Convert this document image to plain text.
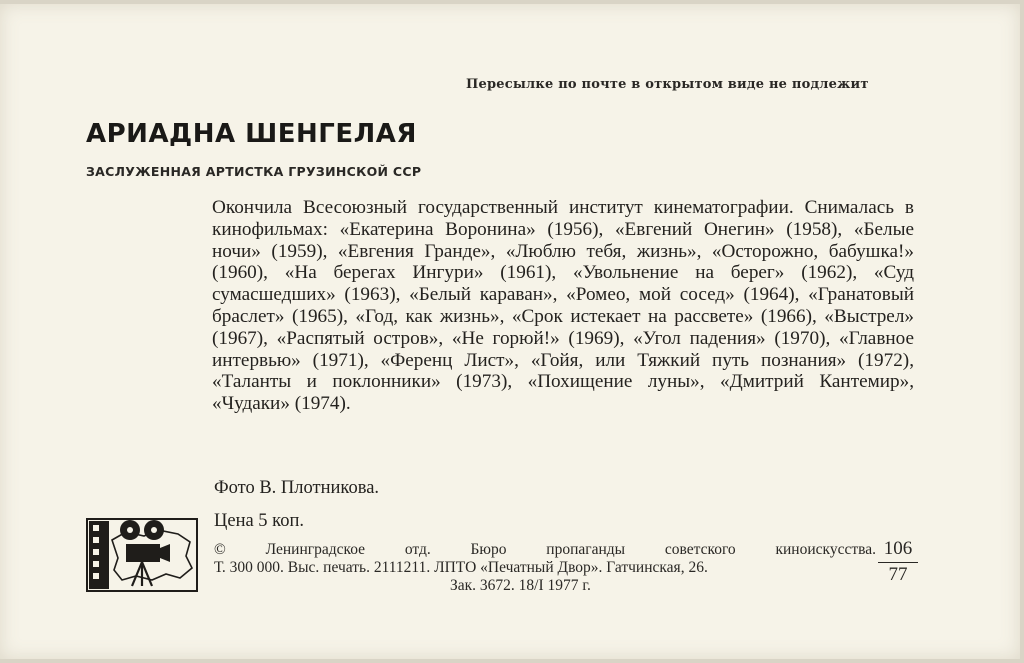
Пересылке по почте в открытом виде не подлежит
АРИАДНА ШЕНГЕЛАЯ
ЗАСЛУЖЕННАЯ АРТИСТКА ГРУЗИНСКОЙ ССР
Окончила Всесоюзный государственный институт кинематографии. Снималась в кинофильмах: «Екатерина Воронина» (1956), «Евгений Онегин» (1958), «Белые ночи» (1959), «Евгения Гранде», «Люблю тебя, жизнь», «Осторожно, бабушка!» (1960), «На берегах Ингури» (1961), «Увольнение на берег» (1962), «Суд сумасшедших» (1963), «Белый караван», «Ромео, мой сосед» (1964), «Гранатовый браслет» (1965), «Год, как жизнь», «Срок истекает на рассвете» (1966), «Выстрел» (1967), «Распятый остров», «Не горюй!» (1969), «Угол падения» (1970), «Главное интервью» (1971), «Ференц Лист», «Гойя, или Тяжкий путь познания» (1972), «Таланты и поклонники» (1973), «Похищение луны», «Дмитрий Кантемир», «Чудаки» (1974).
Фото В. Плотникова.
Цена 5 коп.
© Ленинградское отд. Бюро пропаганды советского киноискусства.
Т. 300 000. Выс. печать. 2111211. ЛПТО «Печатный Двор». Гатчинская, 26.
Зак. 3672. 18/I 1977 г.	$\frac{106}{77}$
